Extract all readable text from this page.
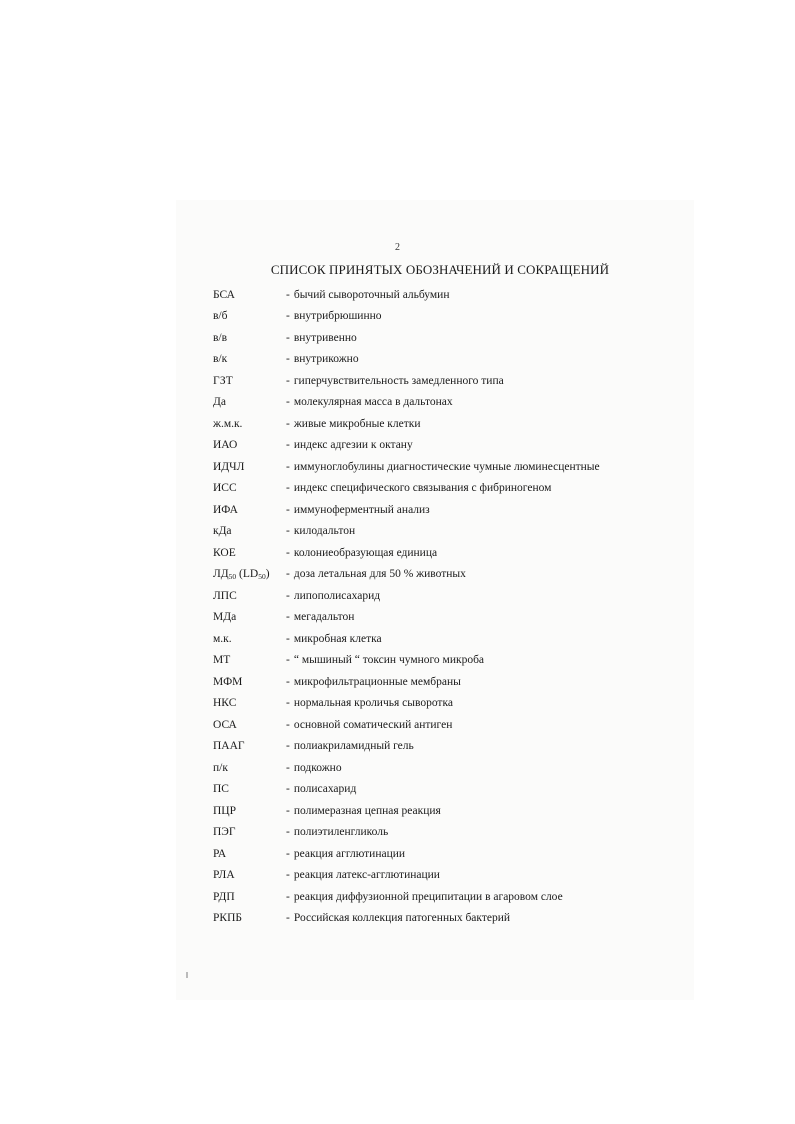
2
СПИСОК ПРИНЯТЫХ ОБОЗНАЧЕНИЙ И СОКРАЩЕНИЙ
БСА	- бычий сывороточный альбумин
в/б	- внутрибрюшинно
в/в	- внутривенно
в/к	- внутрикожно
ГЗТ	- гиперчувствительность замедленного типа
Да	- молекулярная масса в дальтонах
ж.м.к.	- живые микробные клетки
ИАО	- индекс адгезии к октану
ИДЧЛ	- иммуноглобулины диагностические чумные люминесцентные
ИСС	- индекс специфического связывания с фибриногеном
ИФА	- иммуноферментный анализ
кДа	- килодальтон
КОЕ	- колониеобразующая единица
$ЛД_{50}$ $(LD_{50})$	- доза летальная для 50 % животных
ЛПС	- липополисахарид
МДа	- мегадальтон
м.к.	- микробная клетка
МТ	- “ мышиный “ токсин чумного микроба
МФМ	- микрофильтрационные мембраны
НКС	- нормальная кроличья сыворотка
ОСА	- основной соматический антиген
ПААГ	- полиакриламидный гель
п/к	- подкожно
ПС	- полисахарид
ПЦР	- полимеразная цепная реакция
ПЭГ	- полиэтиленгликоль
РА	- реакция агглютинации
РЛА	- реакция латекс-агглютинации
РДП	- реакция диффузионной преципитации в агаровом слое
РКПБ	- Российская коллекция патогенных бактерий
